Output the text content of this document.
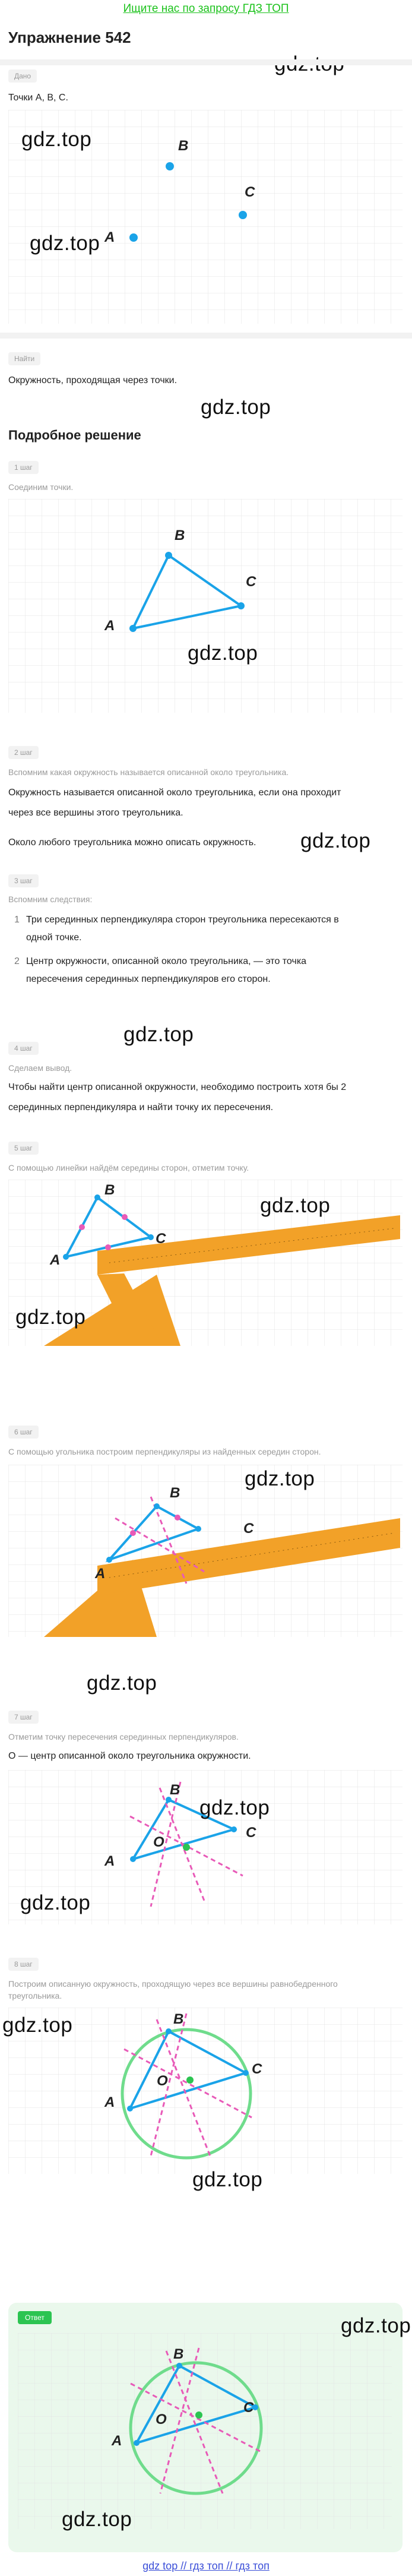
Ищите нас по запросу ГДЗ ТОП
Упражнение 542
Дано
Точки A, B, C.
gdz.top
gdz.top
B
C
A
Найти
Окружность, проходящая через точки.
gdz.top
Подробное решение
1 шаг
Соединим точки.
B
C
A
gdz.top
2 шаг
Вспомним какая окружность называется описанной около треугольника.
Окружность называется описанной около треугольника, если она проходит
через все вершины этого треугольника.
Около любого треугольника можно описать окружность. gdz.top
3 шаг
Вспомним следствия:
1 Три серединных перпендикуляра сторон треугольника пересекаются в
одной точке.
2 Центр окружности, описанной около треугольника, — это точка
пересечения серединных перпендикуляров его сторон.
4 шаг
gdz.top
Сделаем вывод.
Чтобы найти центр описанной окружности, необходимо построить хотя бы 2
серединных перпендикуляра и найти точку их пересечения.
5 шаг
С помощью линейки найдём середины сторон, отметим точку.
B
C
A
gdz.top
gdz.top
6 шаг
С помощью угольника построим перпендикуляры из найденных середин сторон.
B
C
A
gdz.top
gdz.top
7 шаг
Отметим точку пересечения серединных перпендикуляров.
O — центр описанной около треугольника окружности.
B
C
A
O
gdz.top
gdz.top
8 шаг
Построим описанную окружность, проходящую через все вершины равнобедренного
треугольника.
B
C
A
O
gdz.top
gdz.top
Ответ
B
C
A
O
gdz.top
gdz.top
gdz top // гдз топ // гдз топ
